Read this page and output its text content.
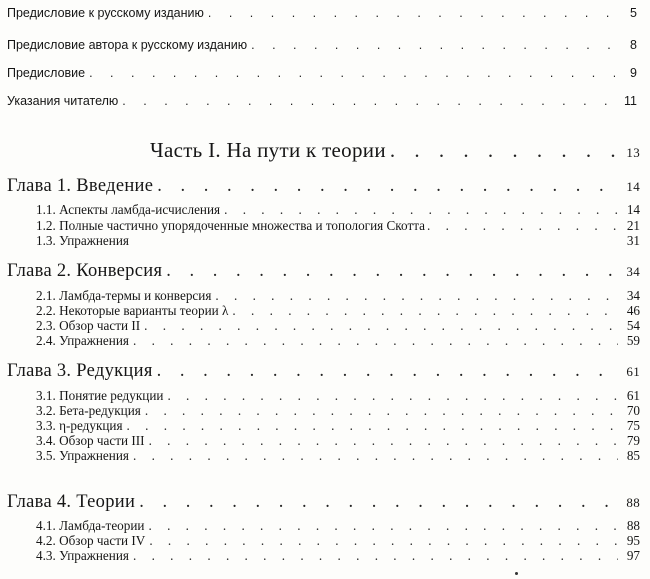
Предисловие к русскому изданию . . .	5
Предисловие автора к русскому изданию . . .	8
Предисловие . . .	9
Указания читателю . . .	11
Часть I. На пути к теории . . .	13
Глава 1. Введение . . .	14
1.1. Аспекты ламбда-исчисления . . .	14
1.2. Полные частично упорядоченные множества и топология Скотта . . .	21
1.3. Упражнения	31
Глава 2. Конверсия . . .	34
2.1. Ламбда-термы и конверсия . . .	34
2.2. Некоторые варианты теории λ . . .	46
2.3. Обзор части II . . .	54
2.4. Упражнения . . .	59
Глава 3. Редукция . . .	61
3.1. Понятие редукции . . .	61
3.2. Бета-редукция . . .	70
3.3. η-редукция . . .	75
3.4. Обзор части III . . .	79
3.5. Упражнения . . .	85
Глава 4. Теории . . .	88
4.1. Ламбда-теории . . .	88
4.2. Обзор части IV . . .	95
4.3. Упражнения . . .	97
